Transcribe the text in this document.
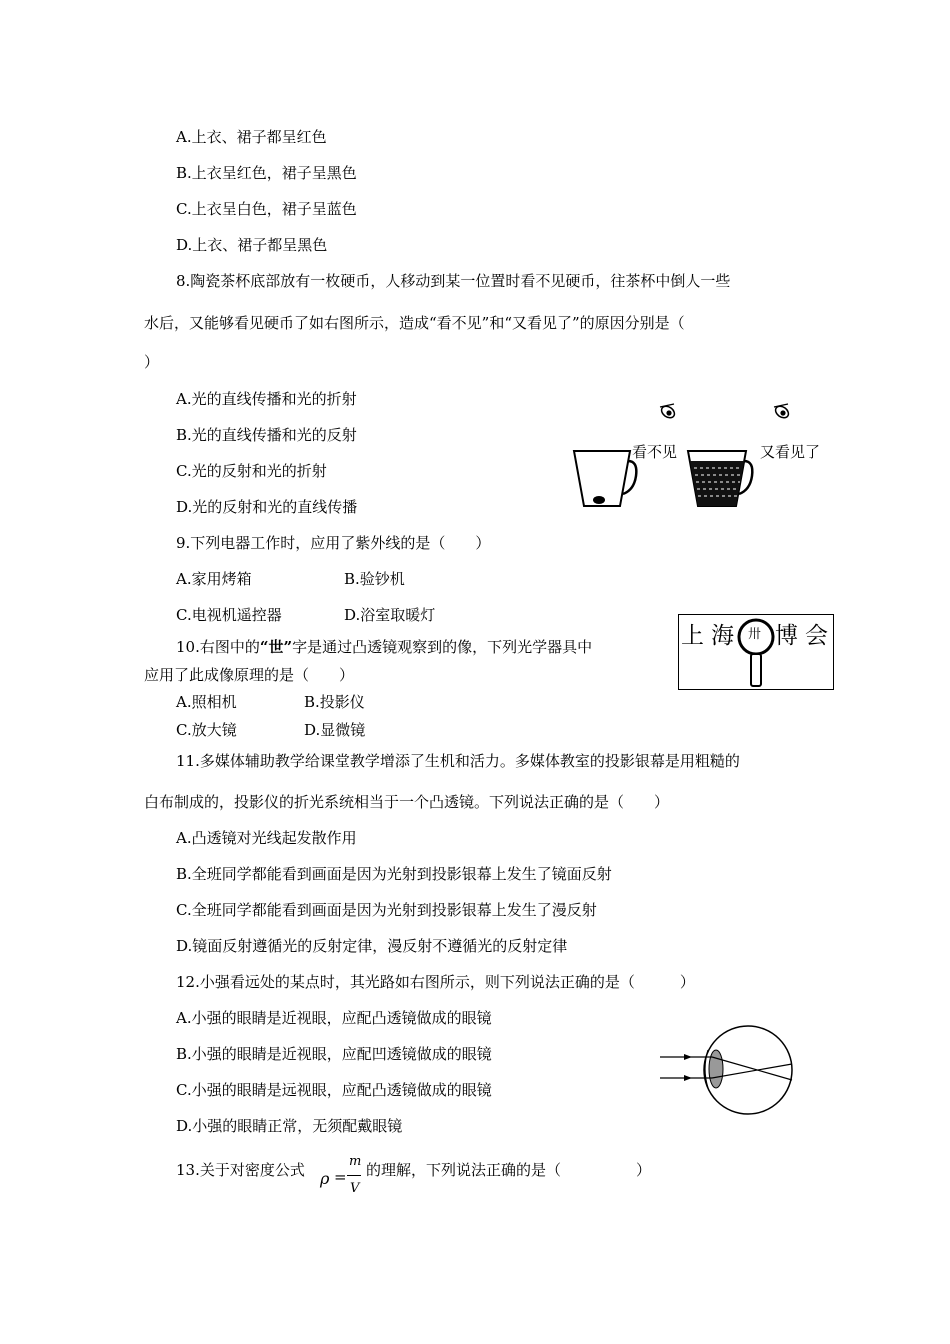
A.上衣、裙子都呈红色
B.上衣呈红色，裙子呈黑色
C.上衣呈白色，裙子呈蓝色
D.上衣、裙子都呈黑色
8.陶瓷茶杯底部放有一枚硬币，人移动到某一位置时看不见硬币，往茶杯中倒人一些
水后，又能够看见硬币了如右图所示，造成“看不见”和“又看见了”的原因分别是（
）
A.光的直线传播和光的折射
B.光的直线传播和光的反射
C.光的反射和光的折射
D.光的反射和光的直线传播
看不见	又看见了
9.下列电器工作时，应用了紫外线的是（　　）
A.家用烤箱	B.验钞机
C.电视机遥控器	D.浴室取暖灯
10.右图中的“世”字是通过凸透镜观察到的像，下列光学器具中
应用了此成像原理的是（　　）
A.照相机	B.投影仪
C.放大镜	D.显微镜
上 海 博 会
卅
11.多媒体辅助教学给课堂教学增添了生机和活力。多媒体教室的投影银幕是用粗糙的
白布制成的，投影仪的折光系统相当于一个凸透镜。下列说法正确的是（　　）
A.凸透镜对光线起发散作用
B.全班同学都能看到画面是因为光射到投影银幕上发生了镜面反射
C.全班同学都能看到画面是因为光射到投影银幕上发生了漫反射
D.镜面反射遵循光的反射定律，漫反射不遵循光的反射定律
12.小强看远处的某点时，其光路如右图所示，则下列说法正确的是（　　　）
A.小强的眼睛是近视眼，应配凸透镜做成的眼镜
B.小强的眼睛是近视眼，应配凹透镜做成的眼镜
C.小强的眼睛是远视眼，应配凸透镜做成的眼镜
D.小强的眼睛正常，无须配戴眼镜
13.关于对密度公式 ρ =
m
V
的理解，下列说法正确的是（　　　　　）
